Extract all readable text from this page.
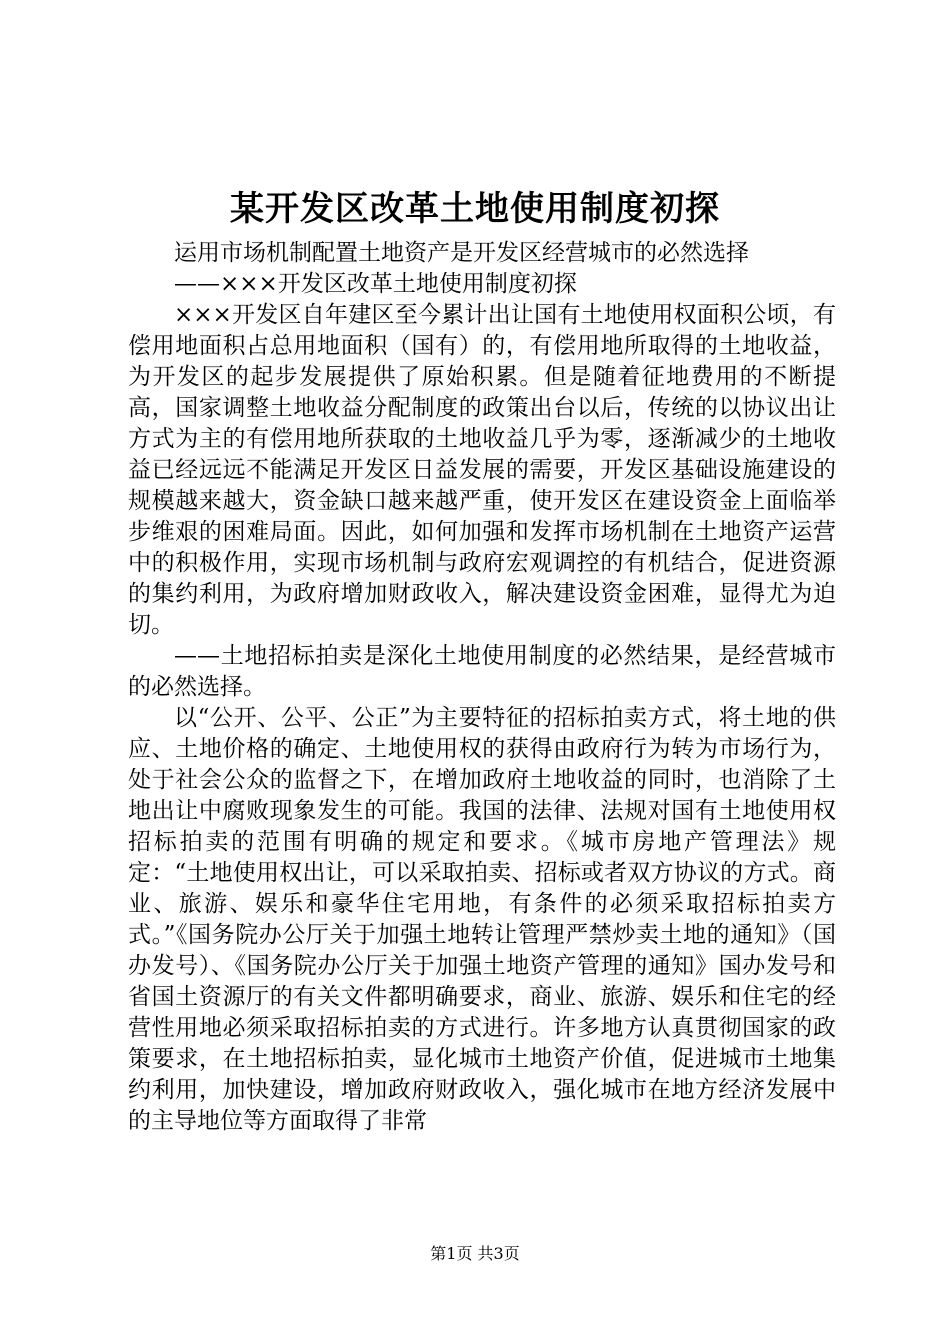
某开发区改革土地使用制度初探

运用市场机制配置土地资产是开发区经营城市的必然选择

——×××开发区改革土地使用制度初探

×××开发区自年建区至今累计出让国有土地使用权面积公顷，有偿用地面积占总用地面积（国有）的，有偿用地所取得的土地收益，为开发区的起步发展提供了原始积累。但是随着征地费用的不断提高，国家调整土地收益分配制度的政策出台以后，传统的以协议出让方式为主的有偿用地所获取的土地收益几乎为零，逐渐减少的土地收益已经远远不能满足开发区日益发展的需要，开发区基础设施建设的规模越来越大，资金缺口越来越严重，使开发区在建设资金上面临举步维艰的困难局面。因此，如何加强和发挥市场机制在土地资产运营中的积极作用，实现市场机制与政府宏观调控的有机结合，促进资源的集约利用，为政府增加财政收入，解决建设资金困难，显得尤为迫切。

——土地招标拍卖是深化土地使用制度的必然结果，是经营城市的必然选择。

以“公开、公平、公正”为主要特征的招标拍卖方式，将土地的供应、土地价格的确定、土地使用权的获得由政府行为转为市场行为，处于社会公众的监督之下，在增加政府土地收益的同时，也消除了土地出让中腐败现象发生的可能。我国的法律、法规对国有土地使用权招标拍卖的范围有明确的规定和要求。《城市房地产管理法》规定：“土地使用权出让，可以采取拍卖、招标或者双方协议的方式。商业、旅游、娱乐和豪华住宅用地，有条件的必须采取招标拍卖方式。”《国务院办公厅关于加强土地转让管理严禁炒卖土地的通知》（国办发号）、《国务院办公厅关于加强土地资产管理的通知》国办发号和省国土资源厅的有关文件都明确要求，商业、旅游、娱乐和住宅的经营性用地必须采取招标拍卖的方式进行。许多地方认真贯彻国家的政策要求，在土地招标拍卖，显化城市土地资产价值，促进城市土地集约利用，加快建设，增加政府财政收入，强化城市在地方经济发展中的主导地位等方面取得了非常

第1页 共3页
